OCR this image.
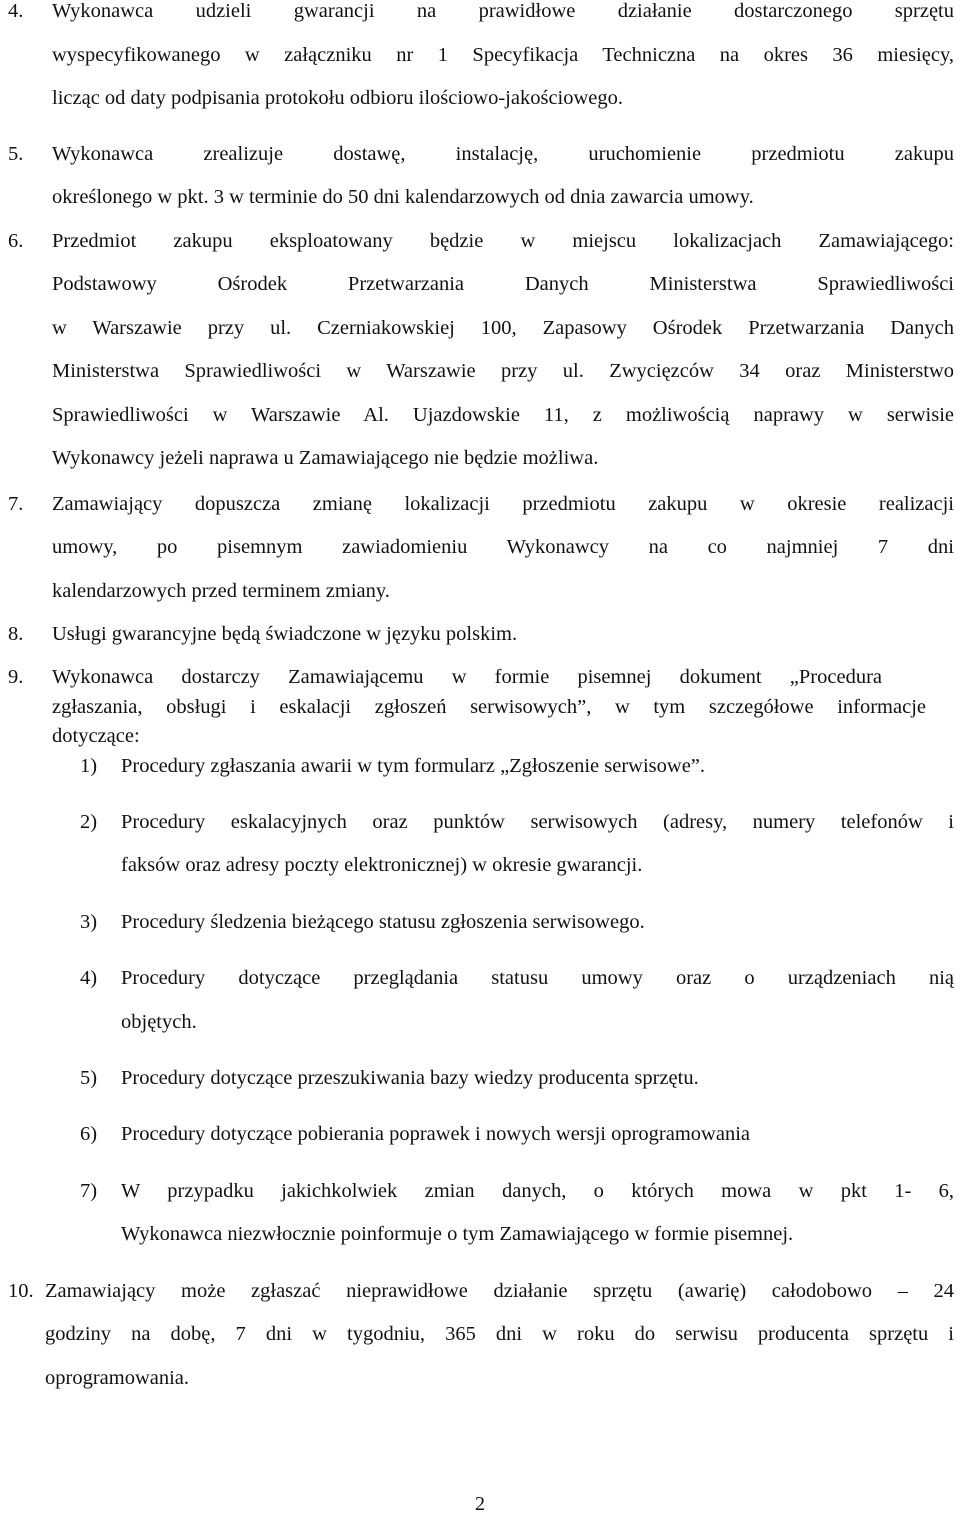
4. Wykonawca udzieli gwarancji na prawidłowe działanie dostarczonego sprzętu
wyspecyfikowanego w załączniku nr 1 Specyfikacja Techniczna na okres 36 miesięcy,
licząc od daty podpisania protokołu odbioru ilościowo-jakościowego.
5. Wykonawca zrealizuje dostawę, instalację, uruchomienie przedmiotu zakupu
określonego w pkt. 3 w terminie do 50 dni kalendarzowych od dnia zawarcia umowy.
6. Przedmiot zakupu eksploatowany będzie w miejscu lokalizacjach Zamawiającego:
Podstawowy Ośrodek Przetwarzania Danych Ministerstwa Sprawiedliwości
w Warszawie przy ul. Czerniakowskiej 100, Zapasowy Ośrodek Przetwarzania Danych
Ministerstwa Sprawiedliwości w Warszawie przy ul. Zwycięzców 34 oraz Ministerstwo
Sprawiedliwości w Warszawie Al. Ujazdowskie 11, z możliwością naprawy w serwisie
Wykonawcy jeżeli naprawa u Zamawiającego nie będzie możliwa.
7. Zamawiający dopuszcza zmianę lokalizacji przedmiotu zakupu w okresie realizacji
umowy, po pisemnym zawiadomieniu Wykonawcy na co najmniej 7 dni
kalendarzowych przed terminem zmiany.
8. Usługi gwarancyjne będą świadczone w języku polskim.
9. Wykonawca dostarczy Zamawiającemu w formie pisemnej dokument „Procedura
zgłaszania, obsługi i eskalacji zgłoszeń serwisowych”, w tym szczegółowe informacje
dotyczące:
1) Procedury zgłaszania awarii w tym formularz „Zgłoszenie serwisowe”.
2) Procedury eskalacyjnych oraz punktów serwisowych (adresy, numery telefonów i
faksów oraz adresy poczty elektronicznej) w okresie gwarancji.
3) Procedury śledzenia bieżącego statusu zgłoszenia serwisowego.
4) Procedury dotyczące przeglądania statusu umowy oraz o urządzeniach nią
objętych.
5) Procedury dotyczące przeszukiwania bazy wiedzy producenta sprzętu.
6) Procedury dotyczące pobierania poprawek i nowych wersji oprogramowania
7) W przypadku jakichkolwiek zmian danych, o których mowa w pkt 1- 6,
Wykonawca niezwłocznie poinformuje o tym Zamawiającego w formie pisemnej.
10. Zamawiający może zgłaszać nieprawidłowe działanie sprzętu (awarię) całodobowo – 24
godziny na dobę, 7 dni w tygodniu, 365 dni w roku do serwisu producenta sprzętu i
oprogramowania.
2
